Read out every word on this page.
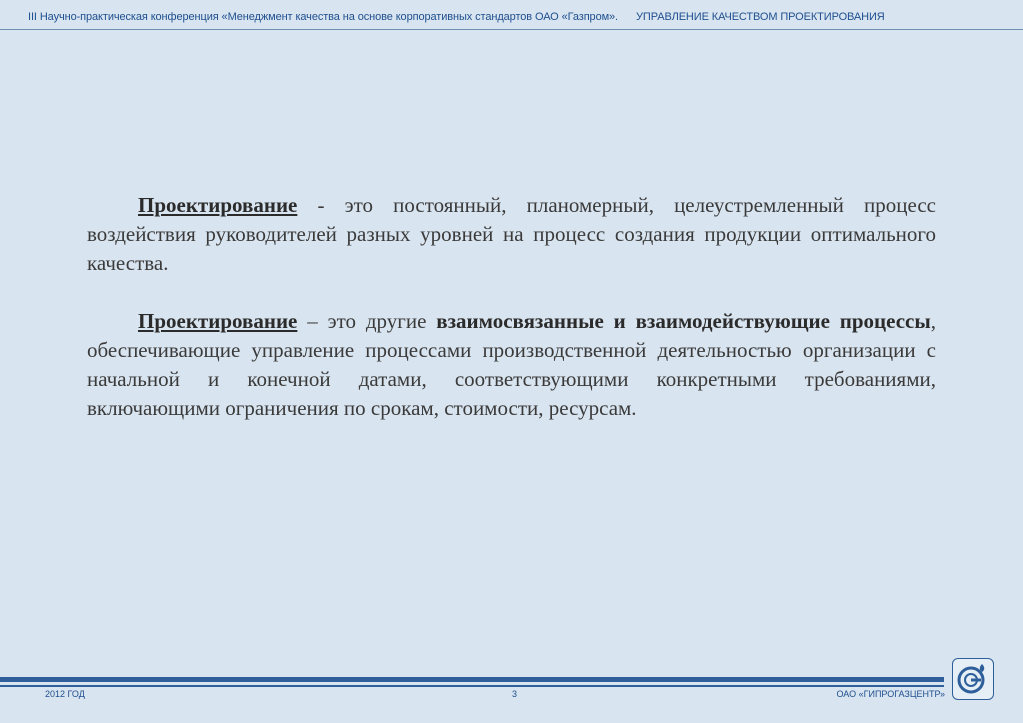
III Научно-практическая конференция «Менеджмент качества на основе корпоративных стандартов ОАО «Газпром». УПРАВЛЕНИЕ КАЧЕСТВОМ ПРОЕКТИРОВАНИЯ

Проектирование - это постоянный, планомерный, целеустремленный процесс воздействия руководителей разных уровней на процесс создания продукции оптимального качества.

Проектирование – это другие взаимосвязанные и взаимодействующие процессы, обеспечивающие управление процессами производственной деятельностью организации с начальной и конечной датами, соответствующими конкретными требованиями, включающими ограничения по срокам, стоимости, ресурсам.

2012 ГОД	3	ОАО «ГИПРОГАЗЦЕНТР»
